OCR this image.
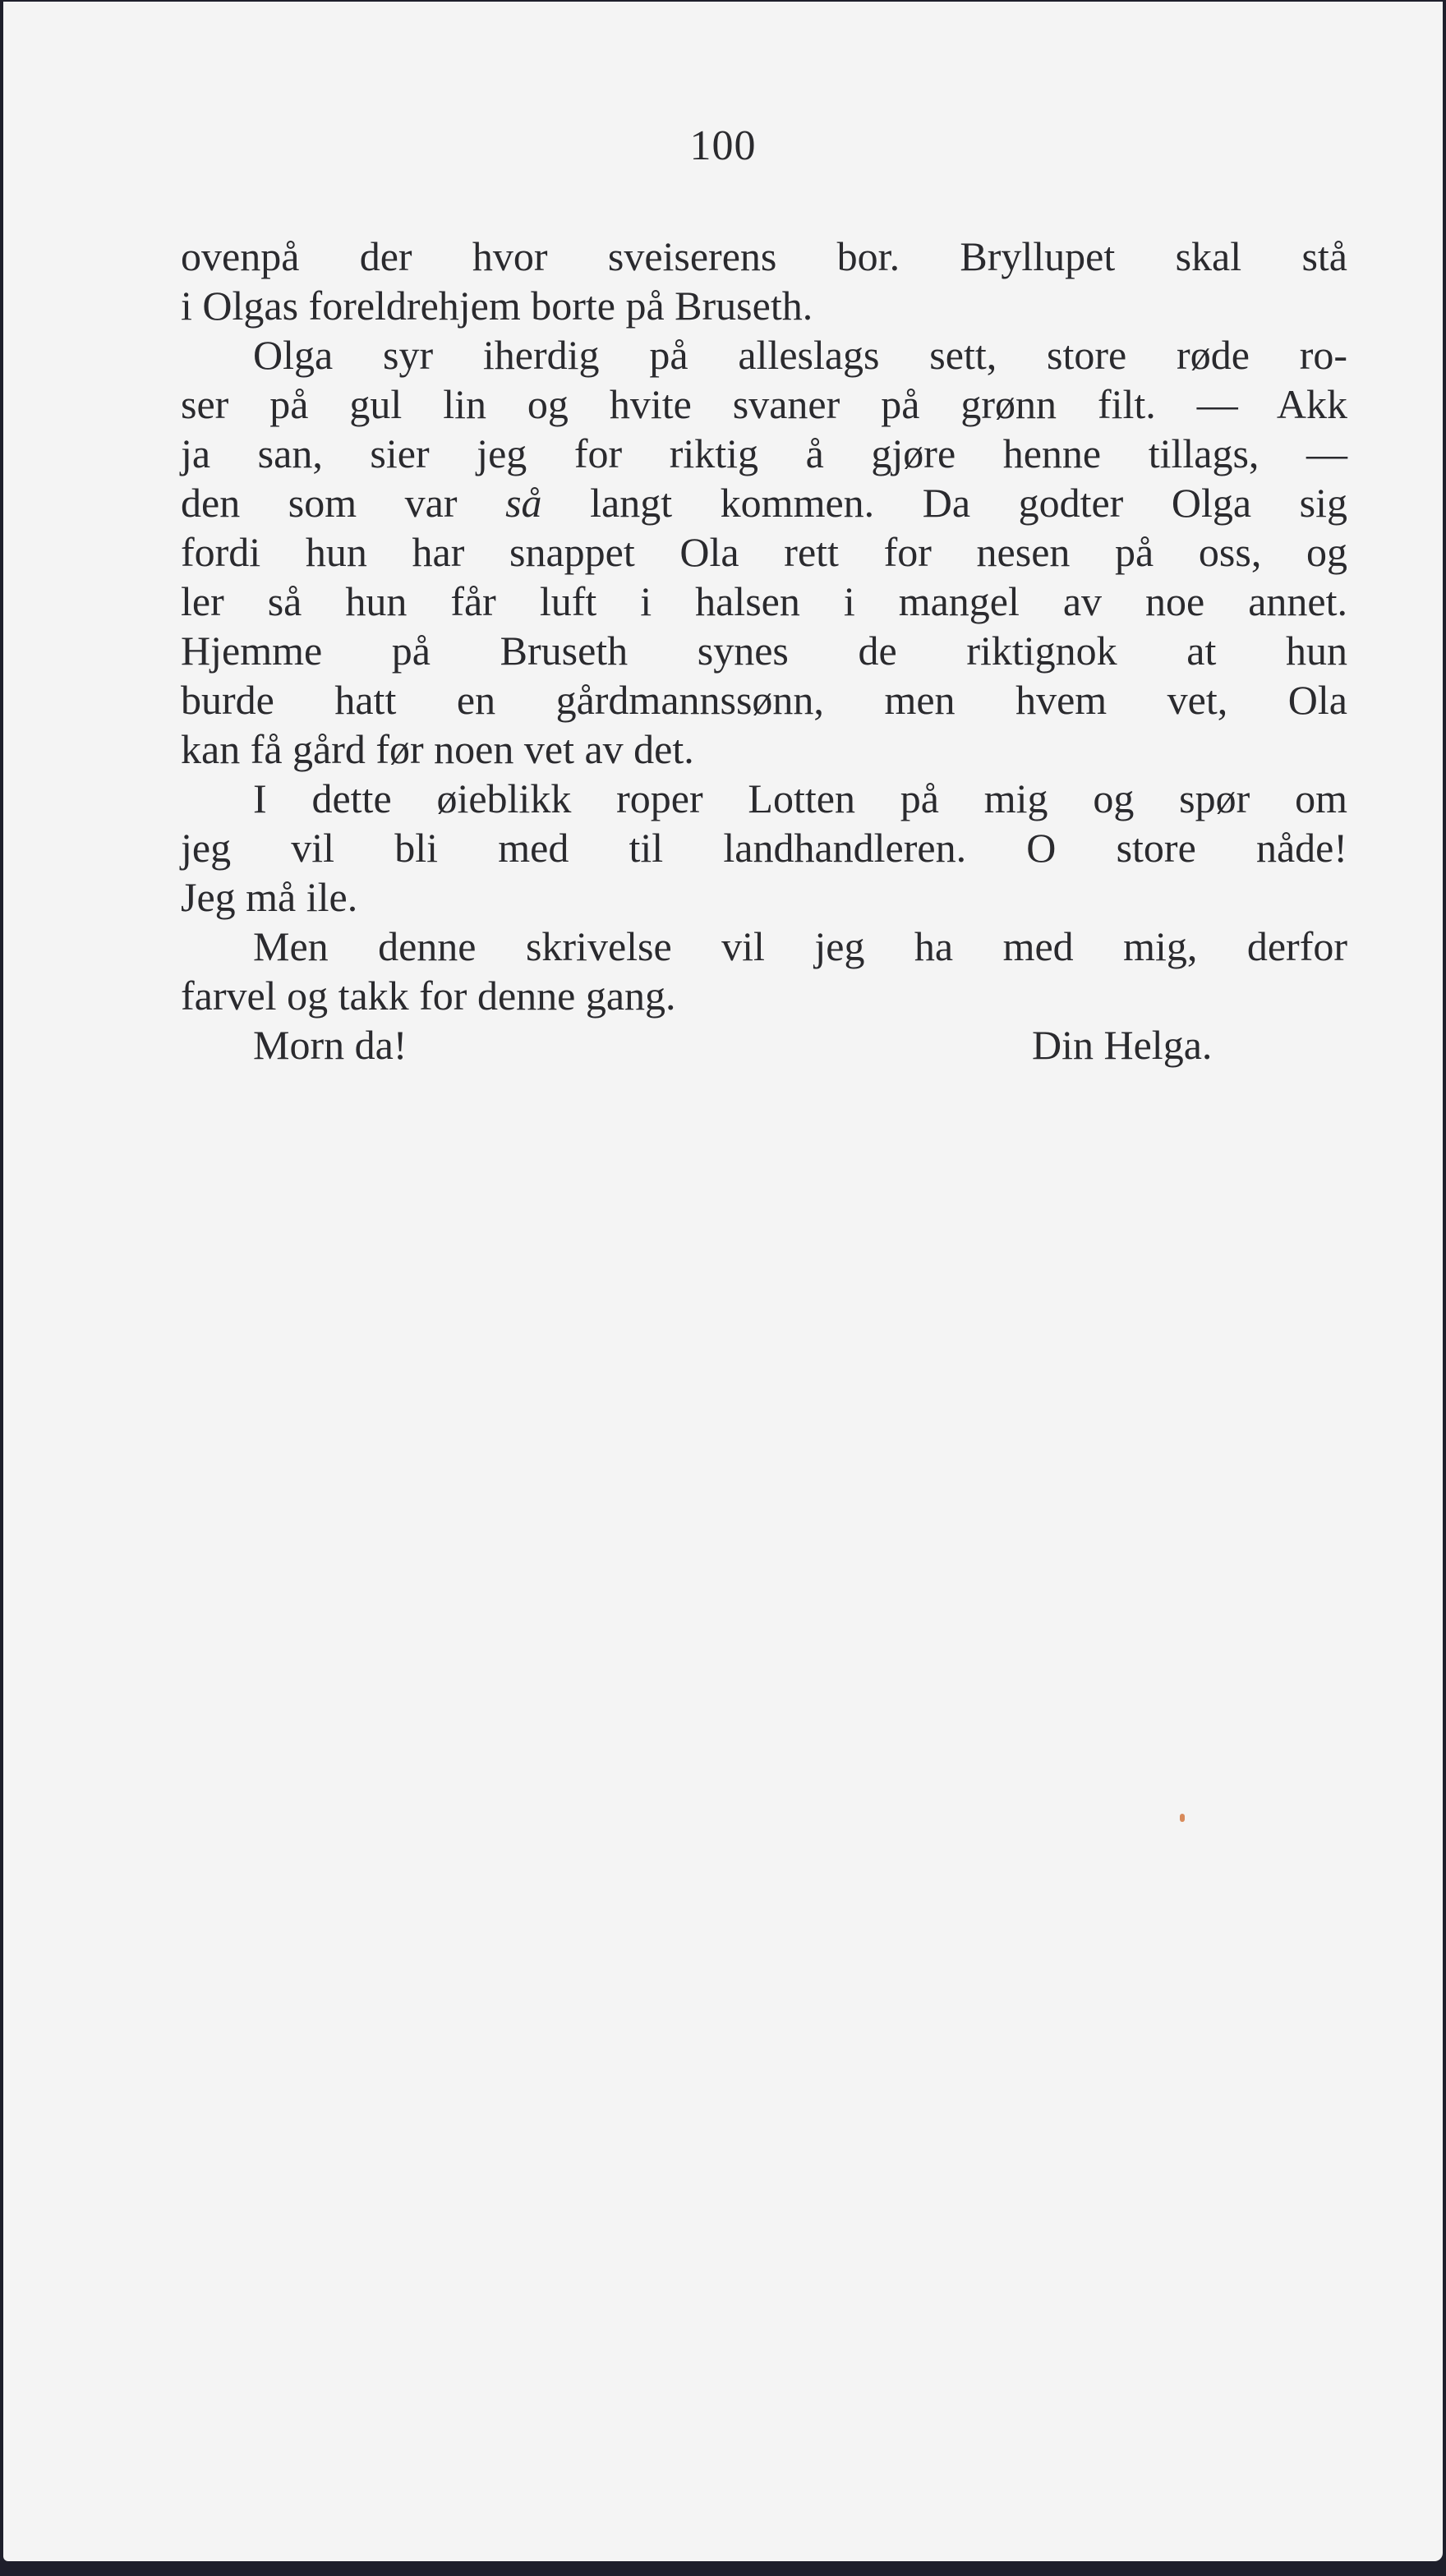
100
ovenpå der hvor sveiserens bor. Bryllupet skal stå
i Olgas foreldrehjem borte på Bruseth.
Olga syr iherdig på alleslags sett, store røde ro-
ser på gul lin og hvite svaner på grønn filt. — Akk
ja san, sier jeg for riktig å gjøre henne tillags, —
den som var så langt kommen. Da godter Olga sig
fordi hun har snappet Ola rett for nesen på oss, og
ler så hun får luft i halsen i mangel av noe annet.
Hjemme på Bruseth synes de riktignok at hun
burde hatt en gårdmannssønn, men hvem vet, Ola
kan få gård før noen vet av det.
I dette øieblikk roper Lotten på mig og spør om
jeg vil bli med til landhandleren. O store nåde!
Jeg må ile.
Men denne skrivelse vil jeg ha med mig, derfor
farvel og takk for denne gang.
Morn da!	Din Helga.
